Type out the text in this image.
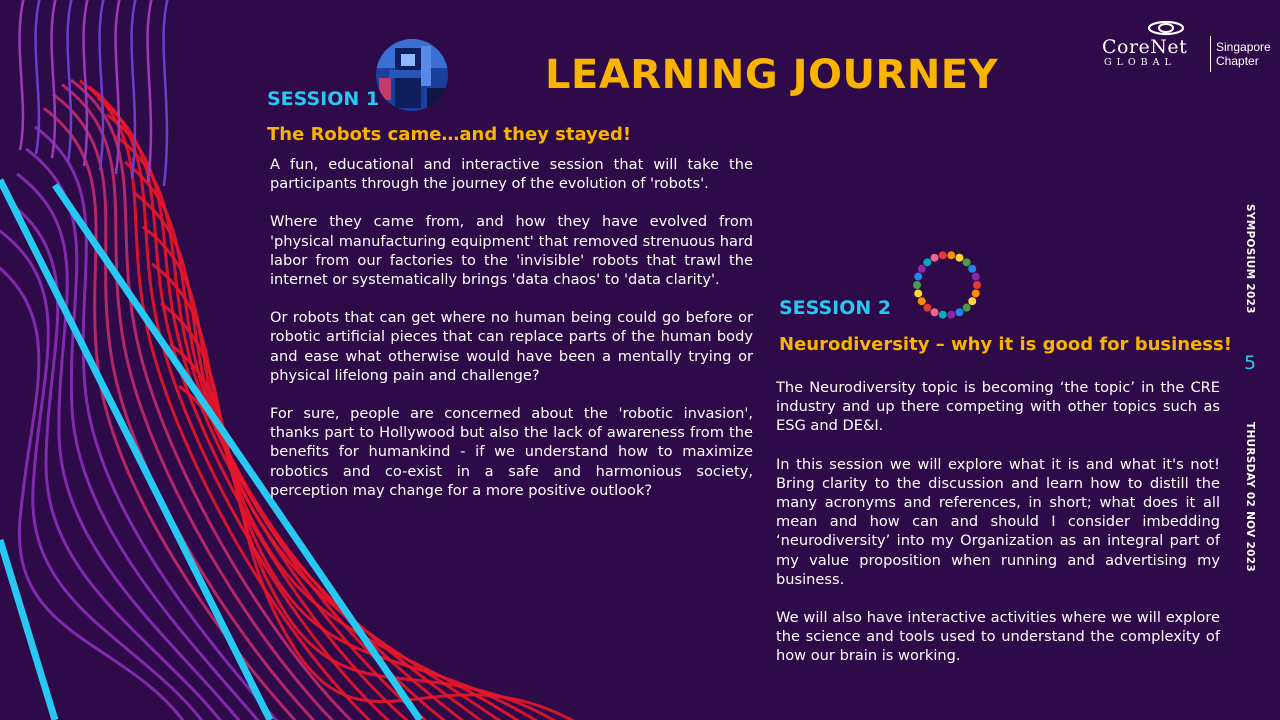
LEARNING JOURNEY
CoreNet
GLOBAL
Singapore Chapter
SESSION 1
The Robots came…and they stayed!

A fun, educational and interactive session that will take the participants through the journey of the evolution of 'robots'.

Where they came from, and how they have evolved from 'physical manufacturing equipment' that removed strenuous hard labor from our factories to the 'invisible' robots that trawl the internet or systematically brings 'data chaos' to 'data clarity'.

Or robots that can get where no human being could go before or robotic artificial pieces that can replace parts of the human body and ease what otherwise would have been a mentally trying or physical lifelong pain and challenge?

For sure, people are concerned about the 'robotic invasion', thanks part to Hollywood but also the lack of awareness from the benefits for humankind - if we understand how to maximize robotics and co-exist in a safe and harmonious society, perception may change for a more positive outlook?

SESSION 2
Neurodiversity – why it is good for business!

The Neurodiversity topic is becoming ‘the topic’ in the CRE industry and up there competing with other topics such as ESG and DE&I.

In this session we will explore what it is and what it's not! Bring clarity to the discussion and learn how to distill the many acronyms and references, in short; what does it all mean and how can and should I consider imbedding ‘neurodiversity’ into my Organization as an integral part of my value proposition when running and advertising my business.

We will also have interactive activities where we will explore the science and tools used to understand the complexity of how our brain is working.

SYMPOSIUM 2023
5
THURSDAY 02 NOV 2023
